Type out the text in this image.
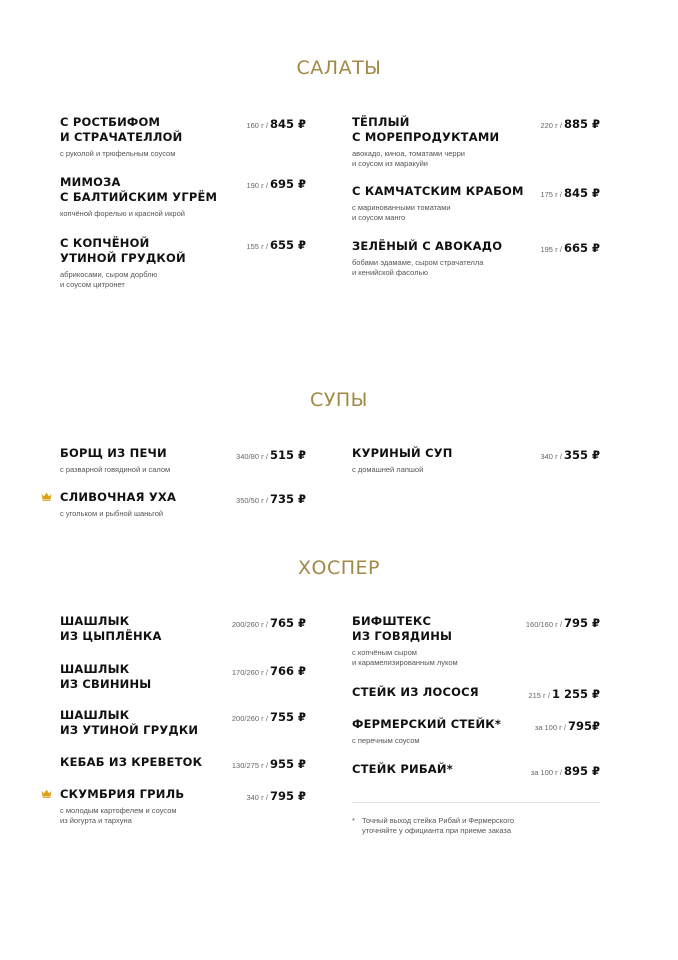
САЛАТЫ
С РОСТБИФОМ
И СТРАЧАТЕЛЛОЙ
с руколой и трюфельным соусом
160 г / 845 ₽
МИМОЗА
С БАЛТИЙСКИМ УГРЁМ
копчёной форелью и красной икрой
190 г / 695 ₽
С КОПЧЁНОЙ
УТИНОЙ ГРУДКОЙ
абрикосами, сыром дорблю
и соусом цитронет
155 г / 655 ₽
ТЁПЛЫЙ
С МОРЕПРОДУКТАМИ
авокадо, киноа, томатами черри
и соусом из маракуйи
220 г / 885 ₽
С КАМЧАТСКИМ КРАБОМ
с маринованными томатами
и соусом манго
175 г / 845 ₽
ЗЕЛЁНЫЙ С АВОКАДО
бобами эдамаме, сыром страчателла
и кенийской фасолью
195 г / 665 ₽
СУПЫ
БОРЩ ИЗ ПЕЧИ
с разварной говядиной и салом
340/80 г / 515 ₽
СЛИВОЧНАЯ УХА
с угольком и рыбной шаньгой
350/50 г / 735 ₽
КУРИНЫЙ СУП
с домашней лапшой
340 г / 355 ₽
ХОСПЕР
ШАШЛЫК
ИЗ ЦЫПЛЁНКА
200/260 г / 765 ₽
ШАШЛЫК
ИЗ СВИНИНЫ
170/260 г / 766 ₽
ШАШЛЫК
ИЗ УТИНОЙ ГРУДКИ
200/260 г / 755 ₽
КЕБАБ ИЗ КРЕВЕТОК	130/275 г / 955 ₽
СКУМБРИЯ ГРИЛЬ
с молодым картофелем и соусом
из йогурта и тархуна
340 г / 795 ₽
БИФШТЕКС
ИЗ ГОВЯДИНЫ
с копчёным сыром
и карамелизированным луком
160/160 г / 795 ₽
СТЕЙК ИЗ ЛОСОСЯ	215 г / 1 255 ₽
ФЕРМЕРСКИЙ СТЕЙК*
с перечным соусом
за 100 г / 795₽
СТЕЙК РИБАЙ*	за 100 г / 895 ₽
* Точный выход стейка Рибай и Фермерского
уточняйте у официанта при приеме заказа
